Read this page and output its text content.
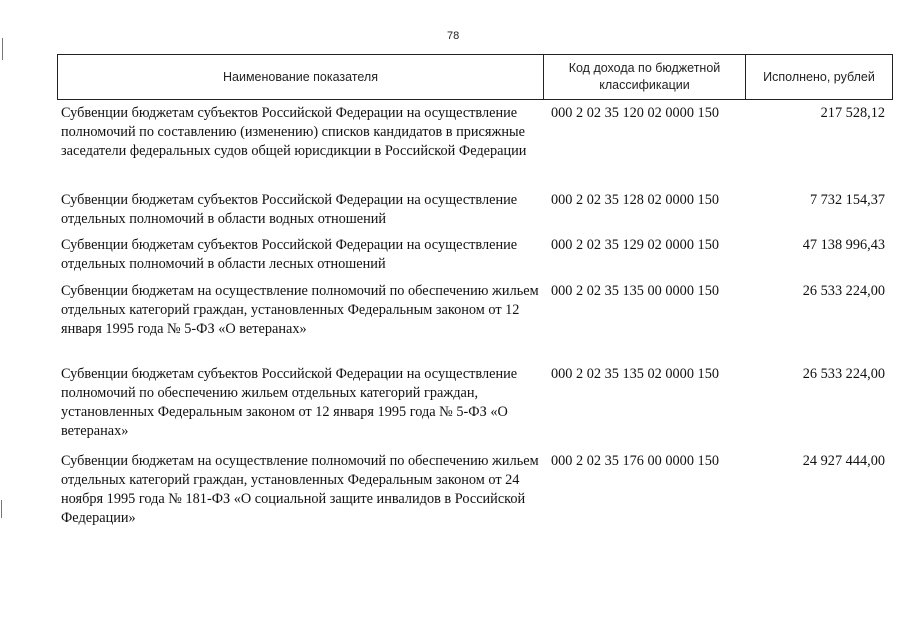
78
Наименование показателя
Код дохода по бюджетной классификации
Исполнено, рублей
Субвенции бюджетам субъектов Российской Федерации на осуществление полномочий по составлению (изменению) списков кандидатов в присяжные заседатели федеральных судов общей юрисдикции в Российской Федерации
000 2 02 35 120 02 0000 150	217 528,12
Субвенции бюджетам субъектов Российской Федерации на осуществление отдельных полномочий в области водных отношений
000 2 02 35 128 02 0000 150	7 732 154,37
Субвенции бюджетам субъектов Российской Федерации на осуществление отдельных полномочий в области лесных отношений
000 2 02 35 129 02 0000 150	47 138 996,43
Субвенции бюджетам на осуществление полномочий по обеспечению жильем отдельных категорий граждан, установленных Федеральным законом от 12 января 1995 года № 5-ФЗ «О ветеранах»
000 2 02 35 135 00 0000 150	26 533 224,00
Субвенции бюджетам субъектов Российской Федерации на осуществление полномочий по обеспечению жильем отдельных категорий граждан, установленных Федеральным законом от 12 января 1995 года № 5-ФЗ «О ветеранах»
000 2 02 35 135 02 0000 150	26 533 224,00
Субвенции бюджетам на осуществление полномочий по обеспечению жильем отдельных категорий граждан, установленных Федеральным законом от 24 ноября 1995 года № 181-ФЗ «О социальной защите инвалидов в Российской Федерации»
000 2 02 35 176 00 0000 150	24 927 444,00
